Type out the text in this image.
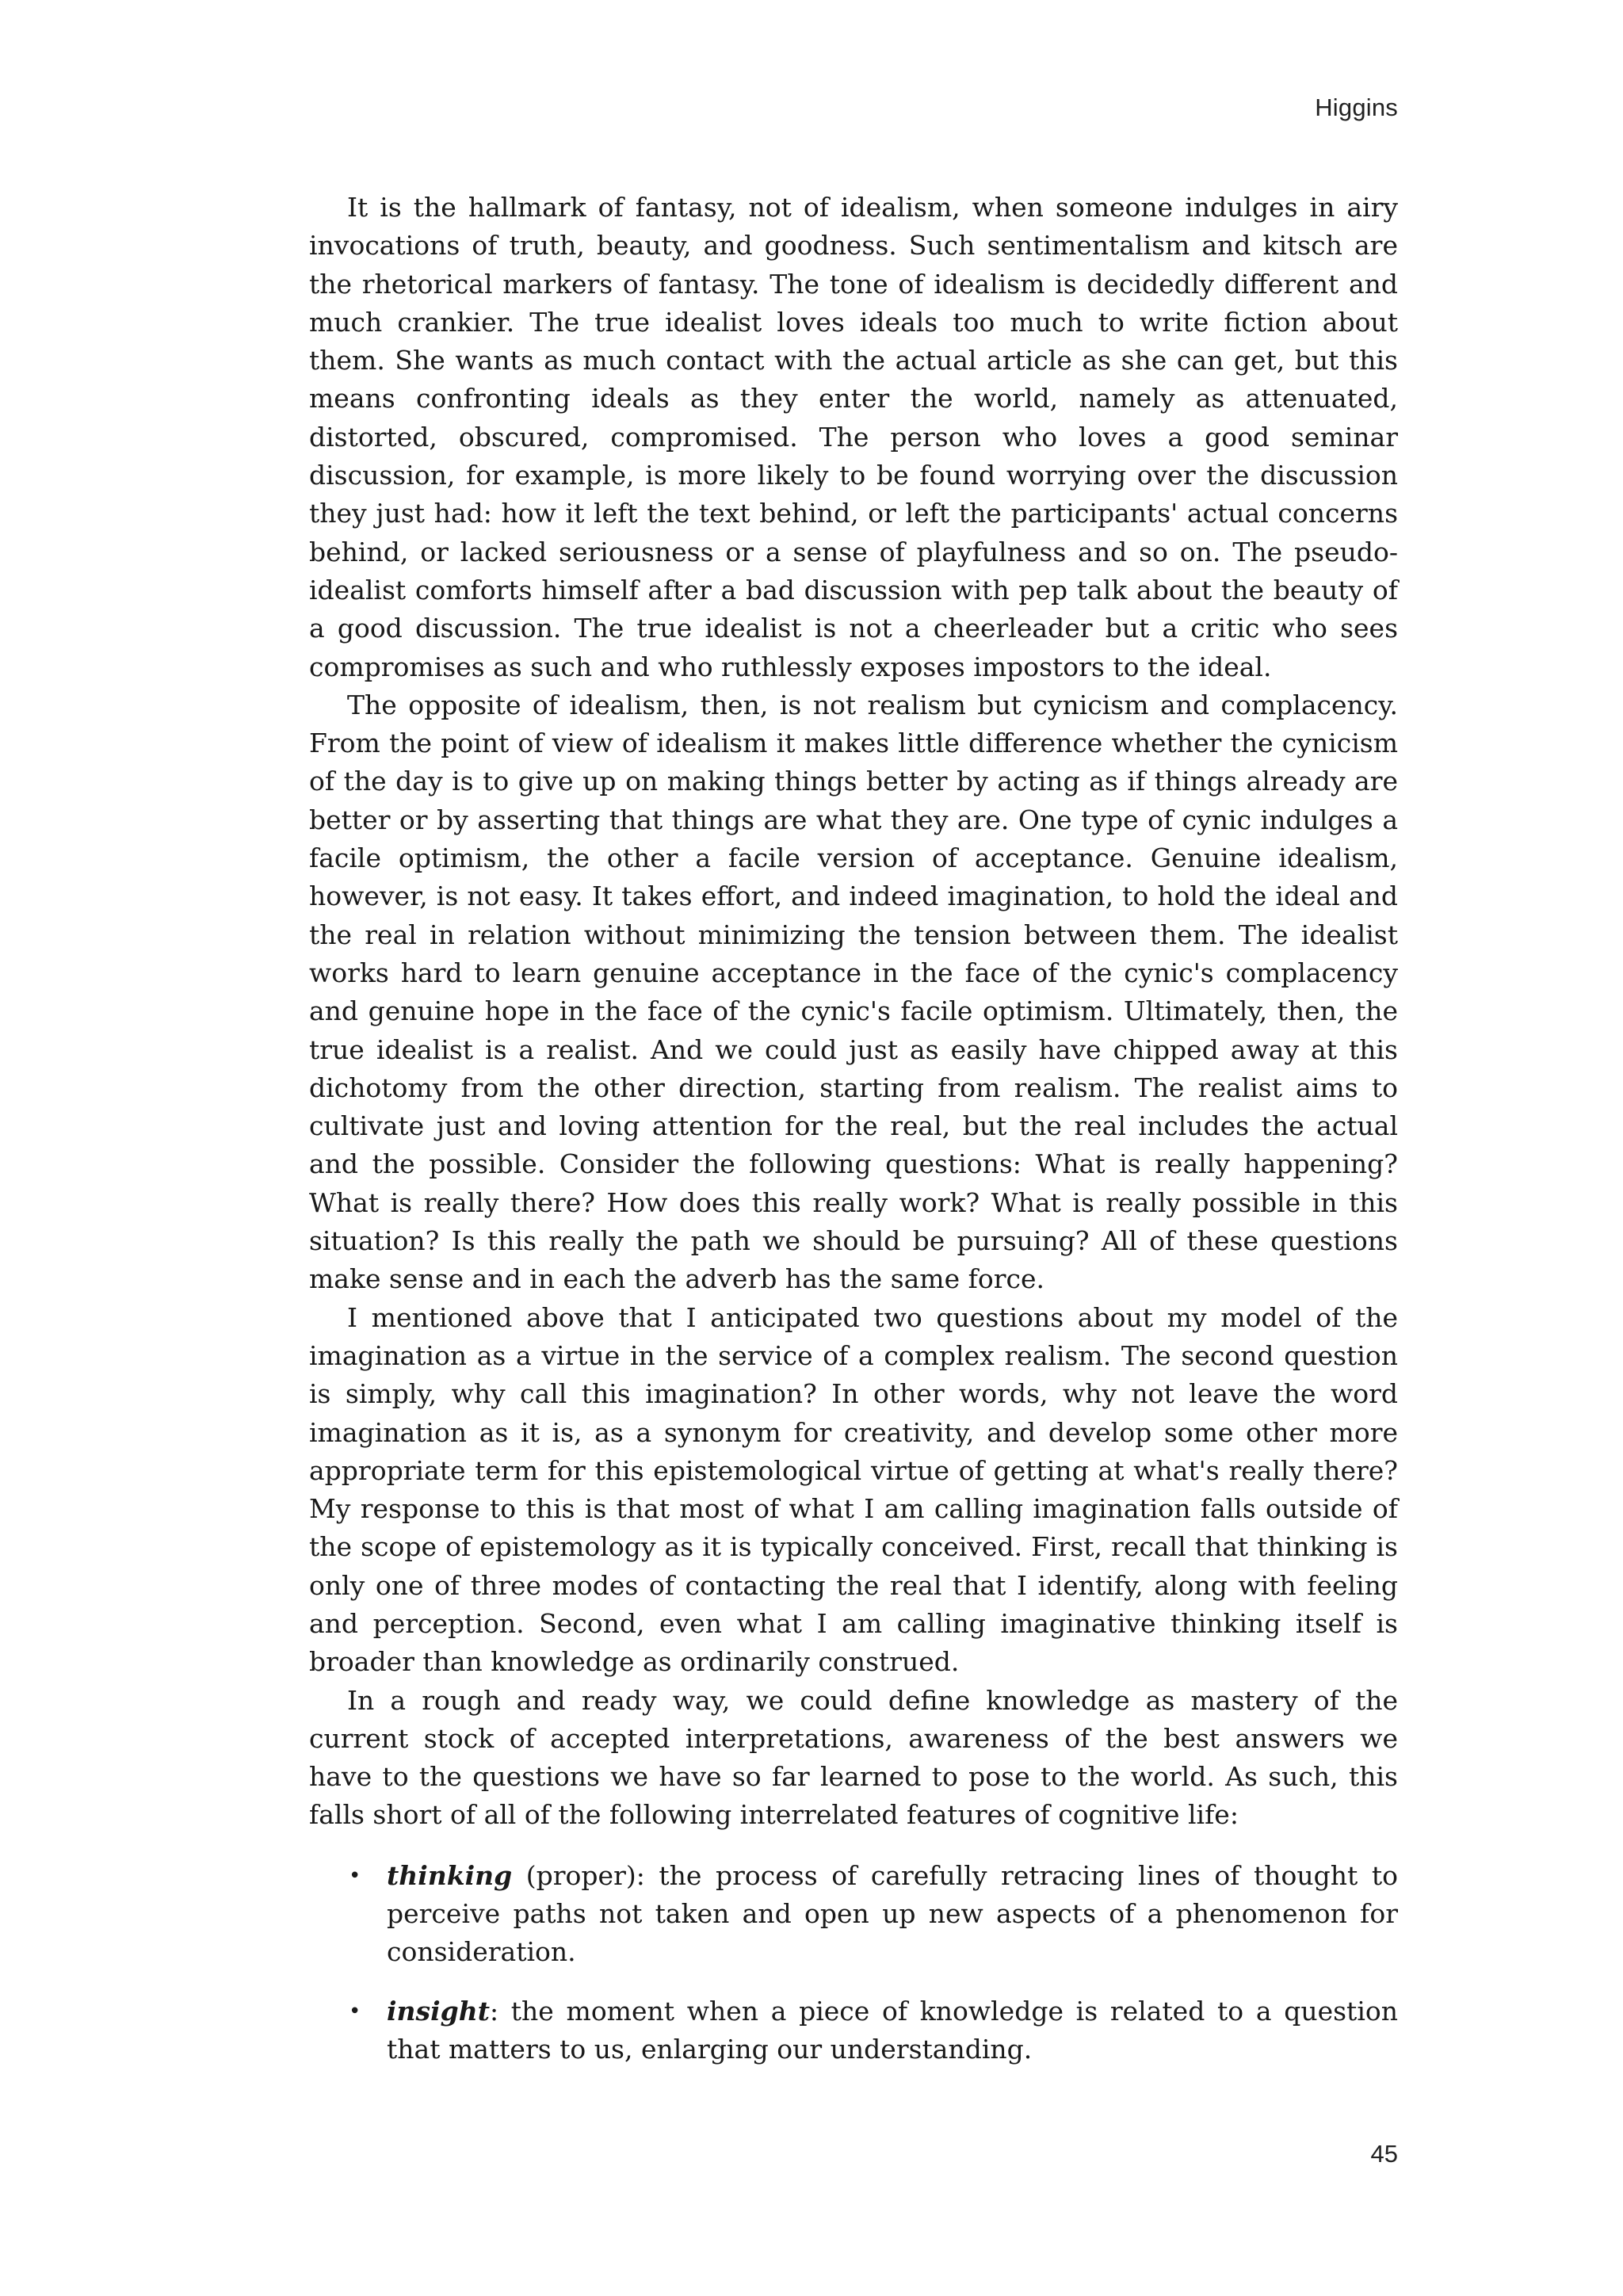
Higgins

It is the hallmark of fantasy, not of idealism, when someone indulges in airy invocations of truth, beauty, and goodness. Such sentimentalism and kitsch are the rhetorical markers of fantasy. The tone of idealism is decidedly different and much crankier. The true idealist loves ideals too much to write fiction about them. She wants as much contact with the actual article as she can get, but this means confronting ideals as they enter the world, namely as attenuated, distorted, obscured, compromised. The person who loves a good seminar discussion, for example, is more likely to be found worrying over the discussion they just had: how it left the text behind, or left the participants' actual concerns behind, or lacked seriousness or a sense of playfulness and so on. The pseudo-idealist comforts himself after a bad discussion with pep talk about the beauty of a good discussion. The true idealist is not a cheerleader but a critic who sees compromises as such and who ruthlessly exposes impostors to the ideal.

The opposite of idealism, then, is not realism but cynicism and complacency. From the point of view of idealism it makes little difference whether the cynicism of the day is to give up on making things better by acting as if things already are better or by asserting that things are what they are. One type of cynic indulges a facile optimism, the other a facile version of acceptance. Genuine idealism, however, is not easy. It takes effort, and indeed imagination, to hold the ideal and the real in relation without minimizing the tension between them. The idealist works hard to learn genuine acceptance in the face of the cynic's complacency and genuine hope in the face of the cynic's facile optimism. Ultimately, then, the true idealist is a realist. And we could just as easily have chipped away at this dichotomy from the other direction, starting from realism. The realist aims to cultivate just and loving attention for the real, but the real includes the actual and the possible. Consider the following questions: What is really happening? What is really there? How does this really work? What is really possible in this situation? Is this really the path we should be pursuing? All of these questions make sense and in each the adverb has the same force.

I mentioned above that I anticipated two questions about my model of the imagination as a virtue in the service of a complex realism. The second question is simply, why call this imagination? In other words, why not leave the word imagination as it is, as a synonym for creativity, and develop some other more appropriate term for this epistemological virtue of getting at what's really there? My response to this is that most of what I am calling imagination falls outside of the scope of epistemology as it is typically conceived. First, recall that thinking is only one of three modes of contacting the real that I identify, along with feeling and perception. Second, even what I am calling imaginative thinking itself is broader than knowledge as ordinarily construed.

In a rough and ready way, we could define knowledge as mastery of the current stock of accepted interpretations, awareness of the best answers we have to the questions we have so far learned to pose to the world. As such, this falls short of all of the following interrelated features of cognitive life:

• thinking (proper): the process of carefully retracing lines of thought to perceive paths not taken and open up new aspects of a phenomenon for consideration.
• insight: the moment when a piece of knowledge is related to a question that matters to us, enlarging our understanding.
45
